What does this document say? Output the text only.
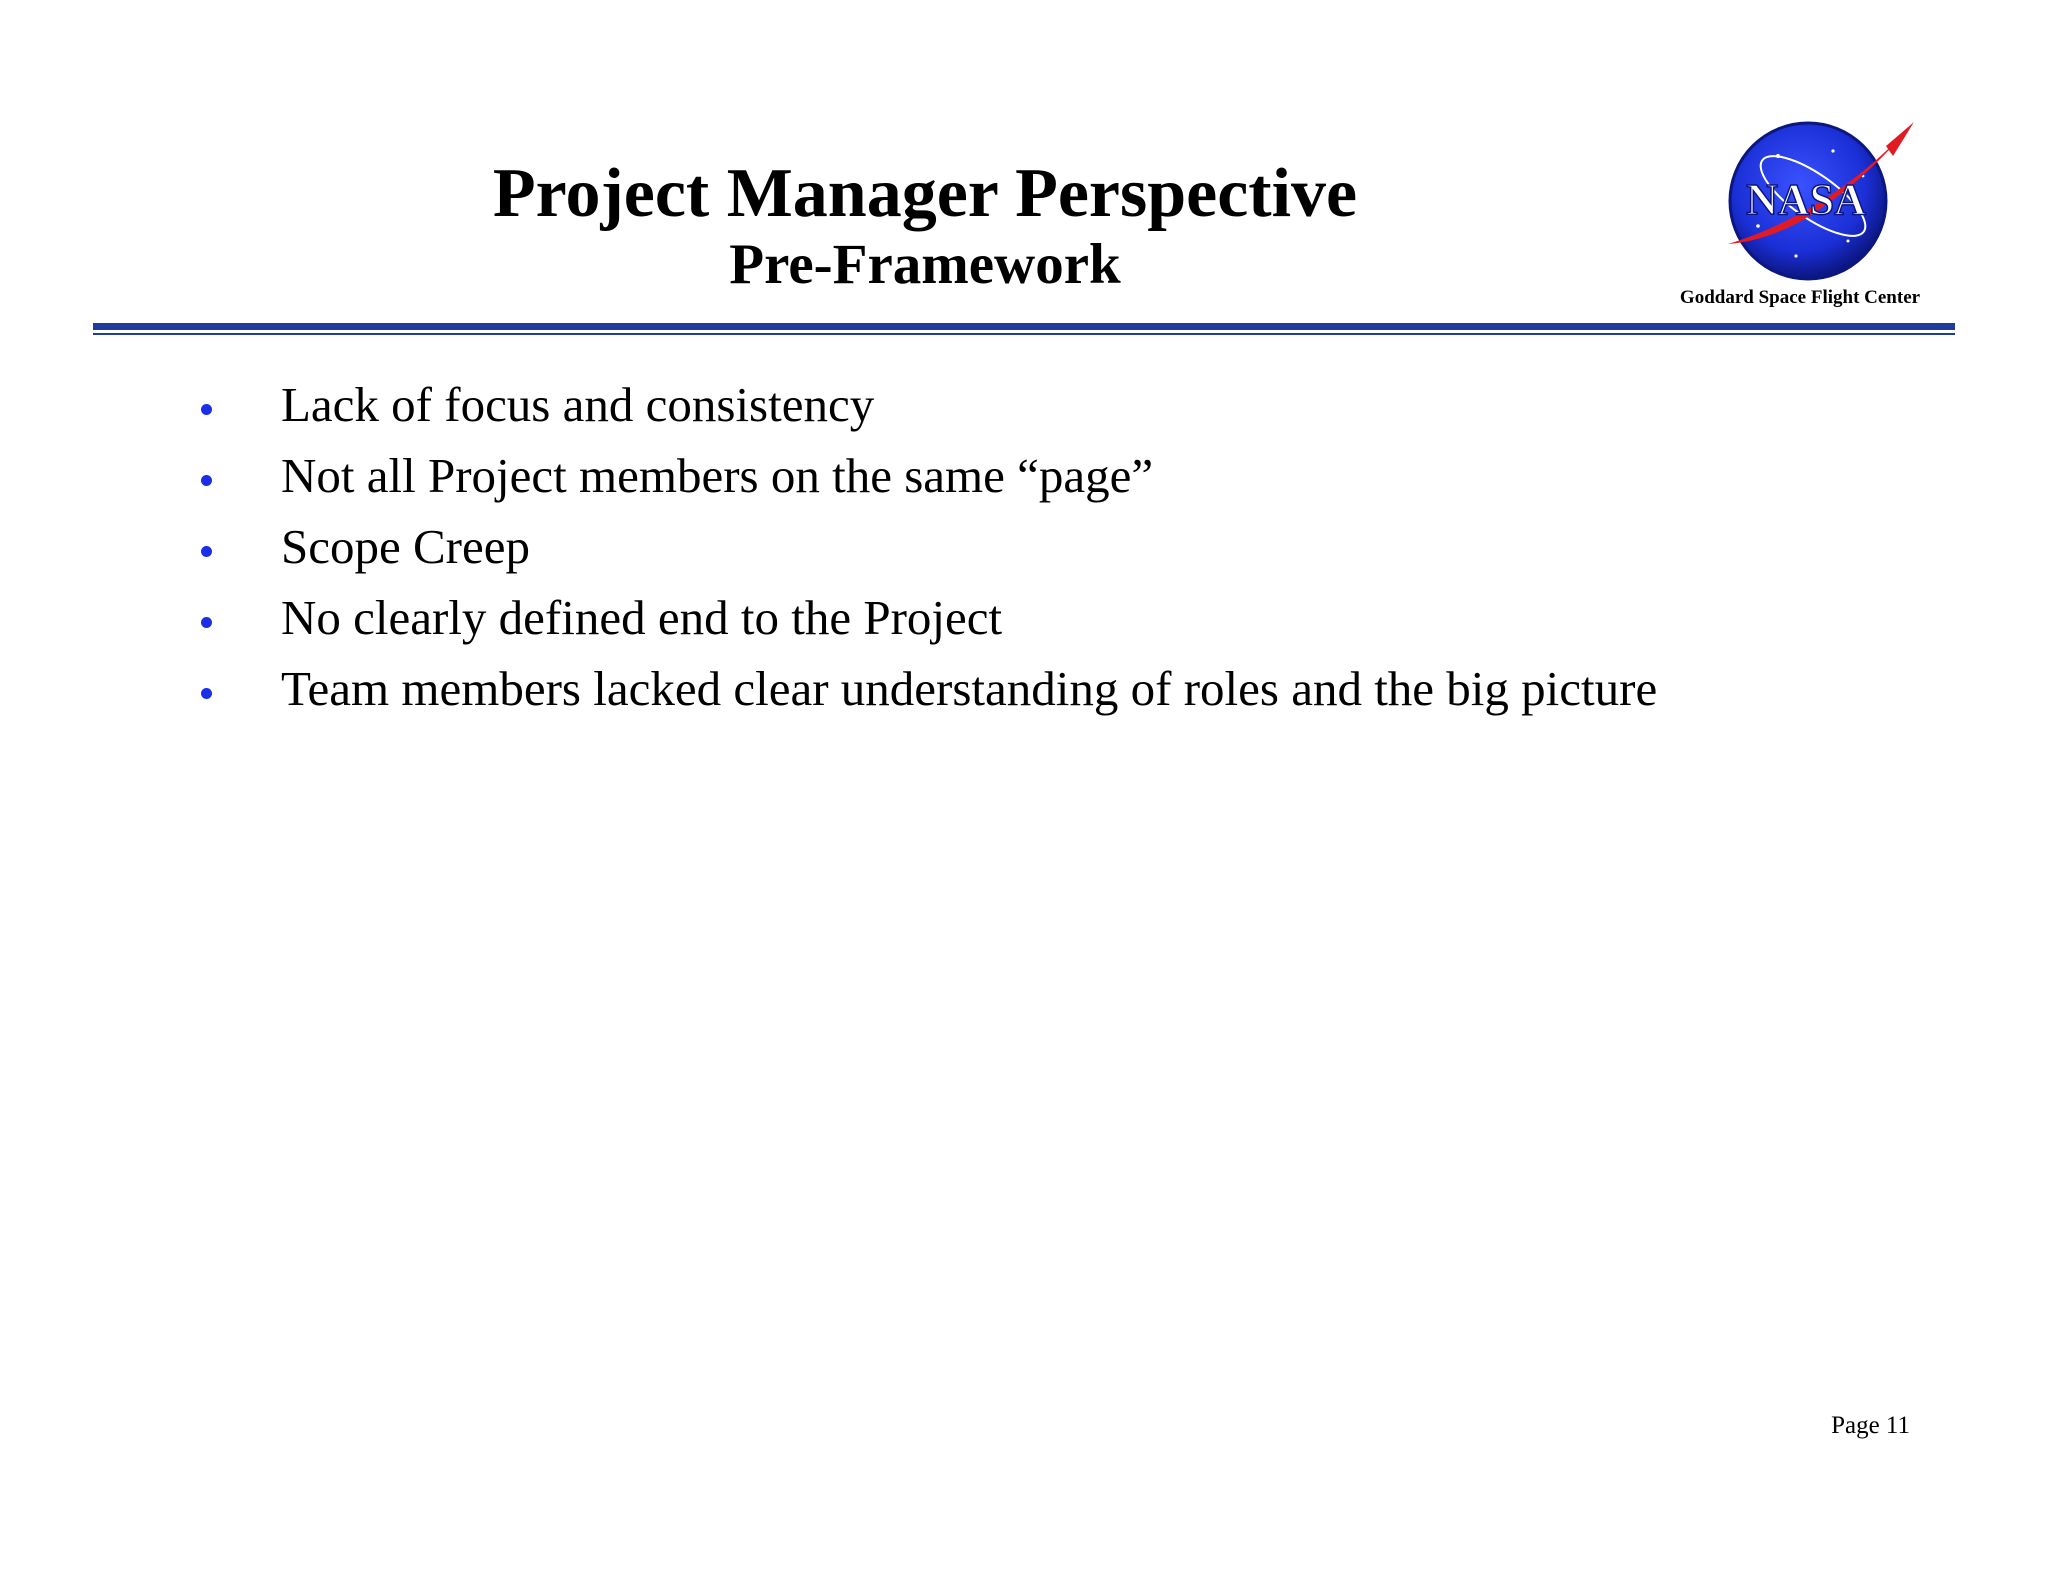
Project Manager Perspective
Pre-Framework
NASA
Goddard Space Flight Center
Lack of focus and consistency
Not all Project members on the same “page”
Scope Creep
No clearly defined end to the Project
Team members lacked clear understanding of roles and the big picture
Page 11
